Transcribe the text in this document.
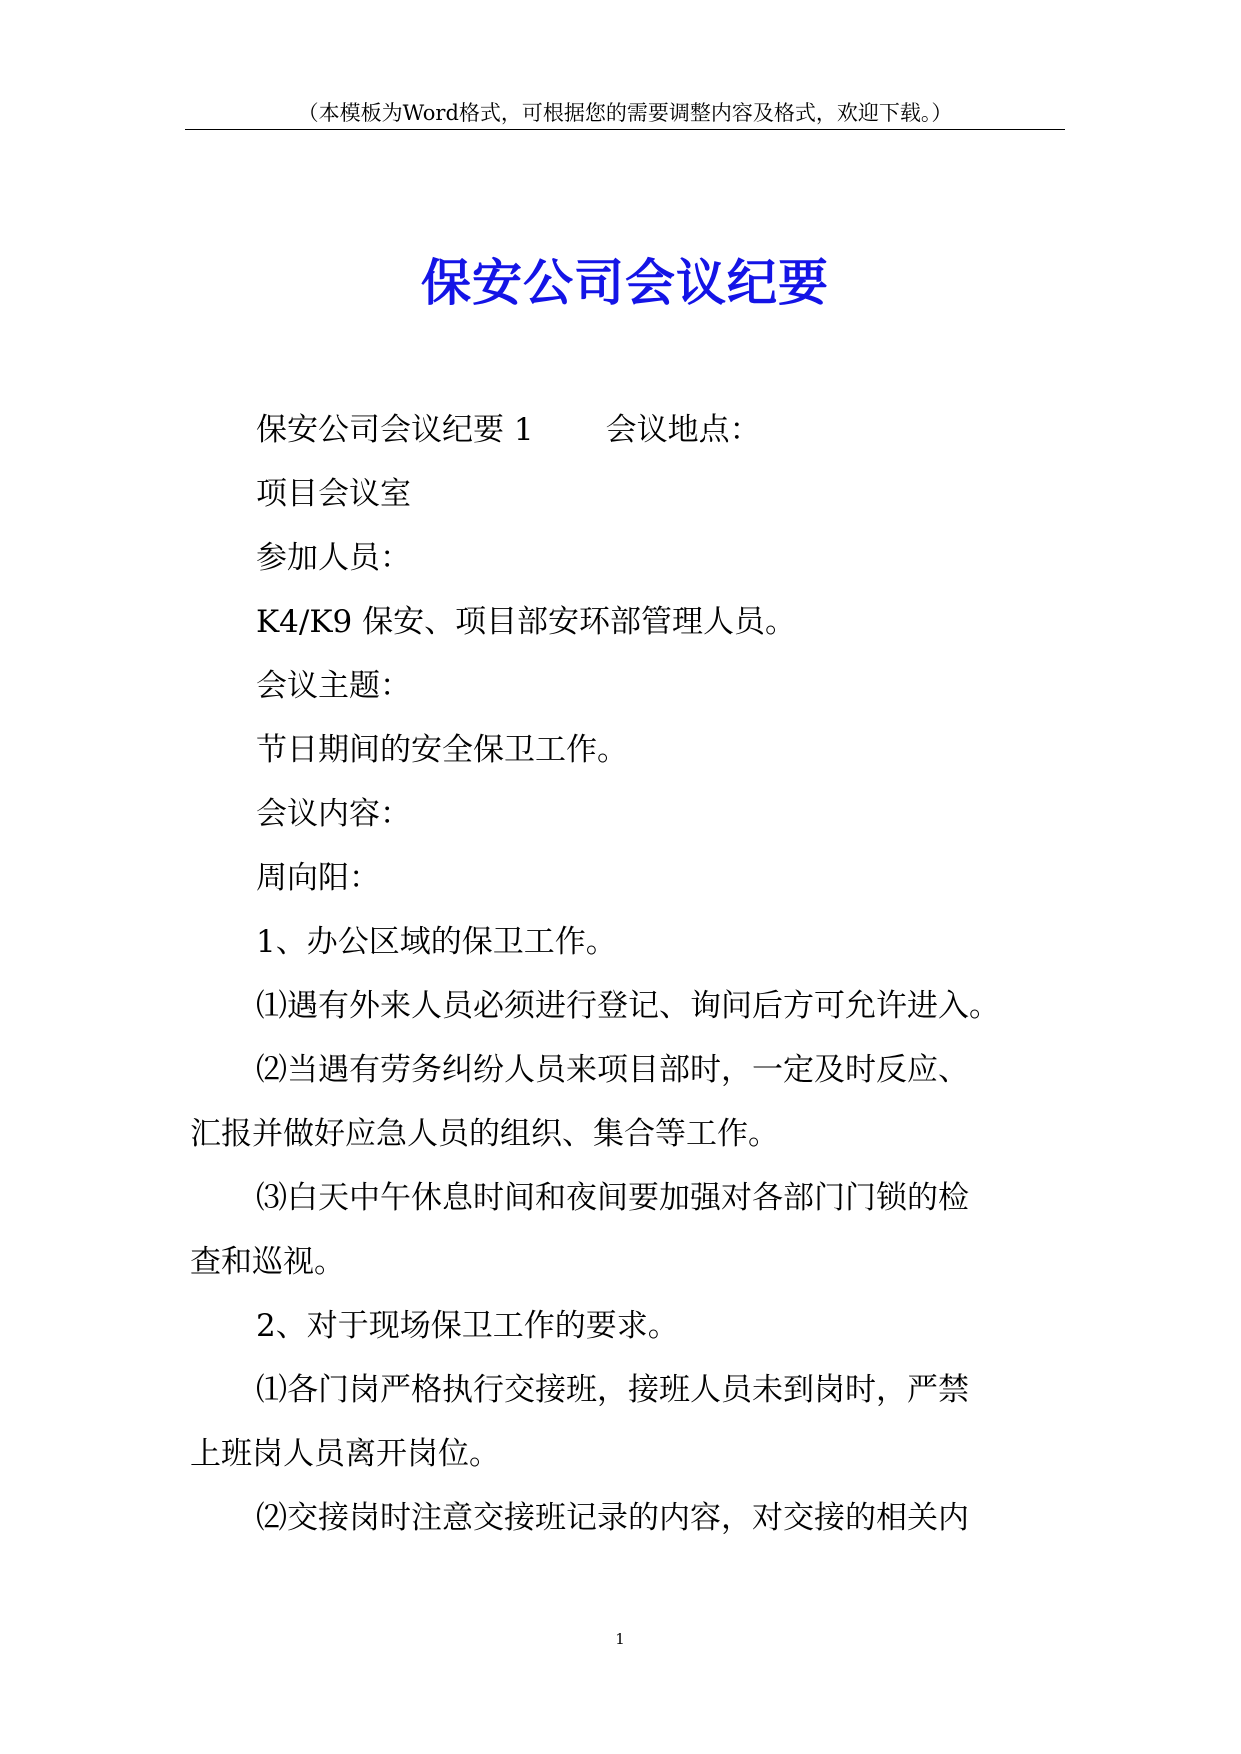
（本模板为Word格式，可根据您的需要调整内容及格式，欢迎下载。）
保安公司会议纪要

保安公司会议纪要 1 会议地点：

项目会议室

参加人员：

K4/K9 保安、项目部安环部管理人员。

会议主题：

节日期间的安全保卫工作。

会议内容：

周向阳：

1、办公区域的保卫工作。

⑴遇有外来人员必须进行登记、询问后方可允许进入。

⑵当遇有劳务纠纷人员来项目部时，一定及时反应、

汇报并做好应急人员的组织、集合等工作。

⑶白天中午休息时间和夜间要加强对各部门门锁的检

查和巡视。

2、对于现场保卫工作的要求。

⑴各门岗严格执行交接班，接班人员未到岗时，严禁

上班岗人员离开岗位。

⑵交接岗时注意交接班记录的内容，对交接的相关内

1
